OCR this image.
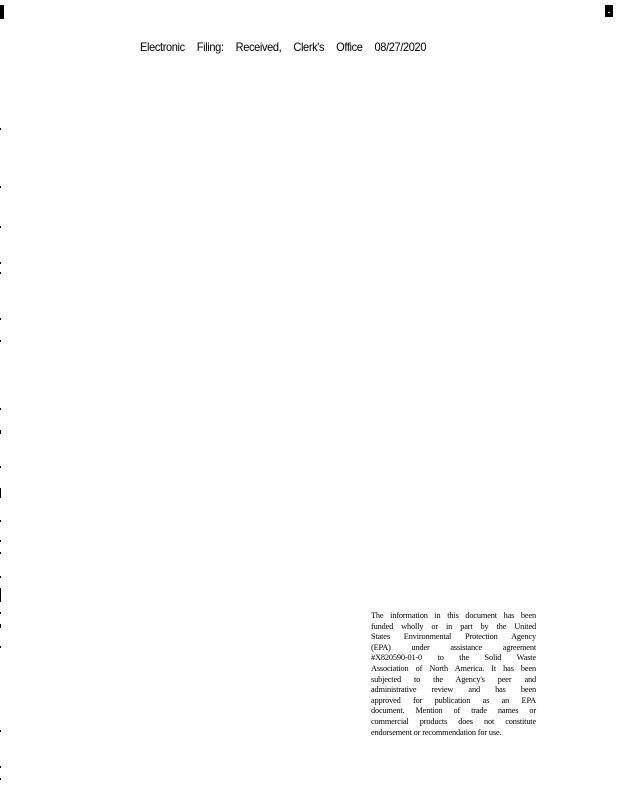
Electronic Filing: Received, Clerk's Office 08/27/2020
The information in this document has been
funded wholly or in part by the United
States Environmental Protection Agency
(EPA) under assistance agreement
#X820590-01-0 to the Solid Waste
Association of North America. It has been
subjected to the Agency's peer and
administrative review and has been
approved for publication as an EPA
document. Mention of trade names or
commercial products does not constitute
endorsement or recommendation for use.
